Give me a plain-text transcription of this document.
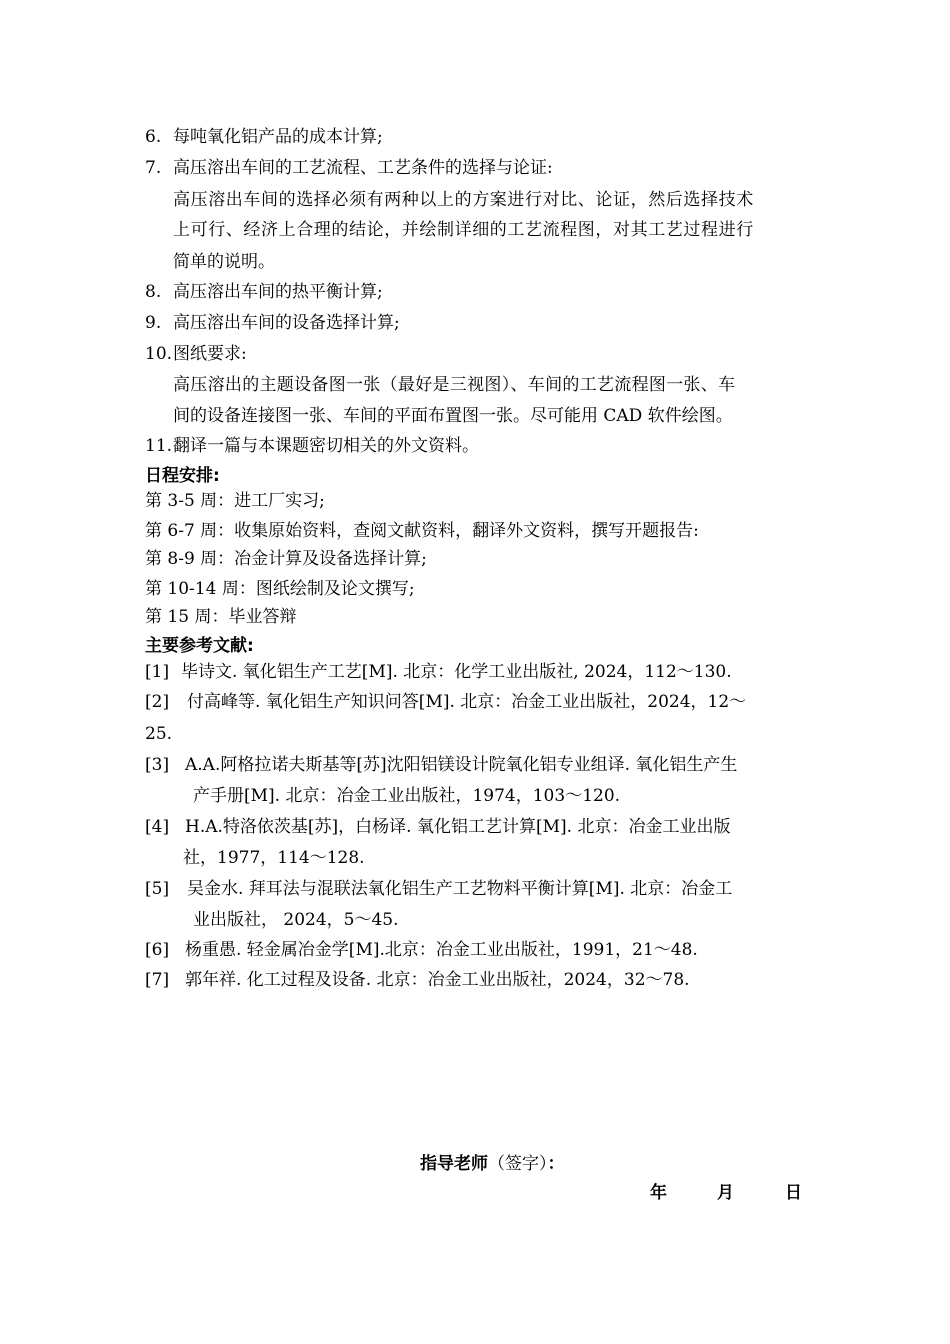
6. 每吨氧化铝产品的成本计算;
7. 高压溶出车间的工艺流程、工艺条件的选择与论证:
高压溶出车间的选择必须有两种以上的方案进行对比、论证，然后选择技术
上可行、经济上合理的结论，并绘制详细的工艺流程图，对其工艺过程进行
简单的说明。
8. 高压溶出车间的热平衡计算;
9. 高压溶出车间的设备选择计算;
10. 图纸要求:
高压溶出的主题设备图一张（最好是三视图）、车间的工艺流程图一张、车
间的设备连接图一张、车间的平面布置图一张。尽可能用 CAD 软件绘图。
11. 翻译一篇与本课题密切相关的外文资料。
日程安排:
第 3-5 周：进工厂实习;
第 6-7 周：收集原始资料，查阅文献资料，翻译外文资料，撰写开题报告:
第 8-9 周：冶金计算及设备选择计算;
第 10-14 周：图纸绘制及论文撰写;
第 15 周：毕业答辩
主要参考文献:
[1] 毕诗文. 氧化铝生产工艺[M]. 北京：化学工业出版社, 2024，112～130.
[2] 付高峰等. 氧化铝生产知识问答[M]. 北京：冶金工业出版社，2024，12～
25.
[3] A.A.阿格拉诺夫斯基等[苏]沈阳铝镁设计院氧化铝专业组译. 氧化铝生产生
产手册[M]. 北京：冶金工业出版社，1974，103～120.
[4] H.A.特洛依茨基[苏]，白杨译. 氧化铝工艺计算[M]. 北京：冶金工业出版
社，1977，114～128.
[5] 吴金水. 拜耳法与混联法氧化铝生产工艺物料平衡计算[M]. 北京：冶金工
业出版社， 2024，5～45.
[6] 杨重愚. 轻金属冶金学[M].北京：冶金工业出版社，1991，21～48.
[7] 郭年祥. 化工过程及设备. 北京：冶金工业出版社，2024，32～78.
指导老师（签字）：
年	月	日
